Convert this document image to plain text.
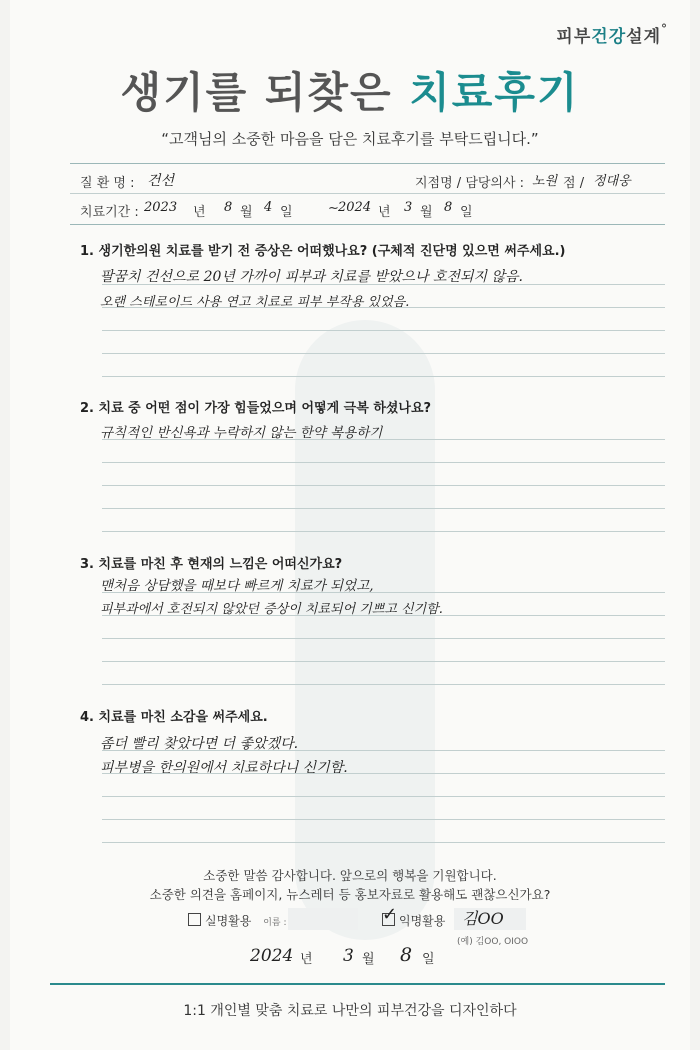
피부건강설계°
생기를 되찾은 치료후기
“고객님의 소중한 마음을 담은 치료후기를 부탁드립니다.”
질 환 명 : 건선	지점명 / 담당의사 : 노원 점 / 정대웅
치료기간 : 2023 년 8 월 4 일	~ 2024 년 3 월 8 일
1. 생기한의원 치료를 받기 전 증상은 어떠했나요? (구체적 진단명 있으면 써주세요.)
팔꿈치 건선으로 20년 가까이 피부과 치료를 받았으나 호전되지 않음.
오랜 스테로이드 사용 연고 치료로 피부 부작용 있었음.
2. 치료 중 어떤 점이 가장 힘들었으며 어떻게 극복 하셨나요?
규칙적인 반신욕과 누락하지 않는 한약 복용하기
3. 치료를 마친 후 현재의 느낌은 어떠신가요?
맨처음 상담했을 때보다 빠르게 치료가 되었고,
피부과에서 호전되지 않았던 증상이 치료되어 기쁘고 신기함.
4. 치료를 마친 소감을 써주세요.
좀더 빨리 찾았다면 더 좋았겠다.
피부병을 한의원에서 치료하다니 신기함.
소중한 말씀 감사합니다. 앞으로의 행복을 기원합니다.
소중한 의견을 홈페이지, 뉴스레터 등 홍보자료로 활용해도 괜찮으신가요?
실명활용 이름 :	✓ 익명활용 김OO
(예) 김OO, OIOO
2024 년 3 월 8 일
1:1 개인별 맞춤 치료로 나만의 피부건강을 디자인하다
